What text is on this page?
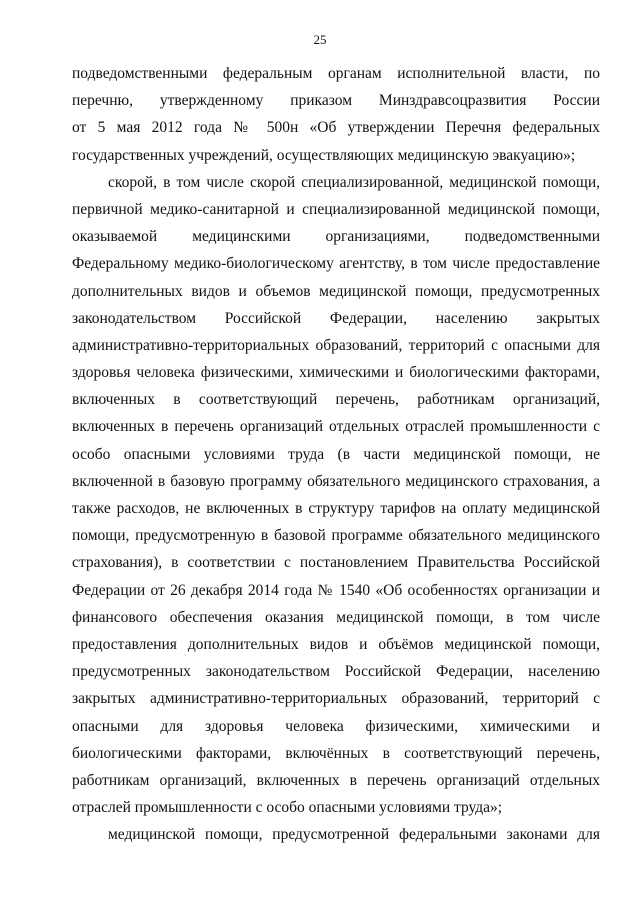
25
подведомственными федеральным органам исполнительной власти, по
перечню, утвержденному приказом Минздравсоцразвития России
от 5 мая 2012 года № 500н «Об утверждении Перечня федеральных
государственных учреждений, осуществляющих медицинскую эвакуацию»;
скорой, в том числе скорой специализированной, медицинской помощи,
первичной медико-санитарной и специализированной медицинской помощи,
оказываемой медицинскими организациями, подведомственными
Федеральному медико-биологическому агентству, в том числе предоставление
дополнительных видов и объемов медицинской помощи, предусмотренных
законодательством Российской Федерации, населению закрытых
административно-территориальных образований, территорий с опасными для
здоровья человека физическими, химическими и биологическими факторами,
включенных в соответствующий перечень, работникам организаций,
включенных в перечень организаций отдельных отраслей промышленности с
особо опасными условиями труда (в части медицинской помощи, не
включенной в базовую программу обязательного медицинского страхования, а
также расходов, не включенных в структуру тарифов на оплату медицинской
помощи, предусмотренную в базовой программе обязательного медицинского
страхования), в соответствии с постановлением Правительства Российской
Федерации от 26 декабря 2014 года № 1540 «Об особенностях организации и
финансового обеспечения оказания медицинской помощи, в том числе
предоставления дополнительных видов и объёмов медицинской помощи,
предусмотренных законодательством Российской Федерации, населению
закрытых административно-территориальных образований, территорий с
опасными для здоровья человека физическими, химическими и
биологическими факторами, включённых в соответствующий перечень,
работникам организаций, включенных в перечень организаций отдельных
отраслей промышленности с особо опасными условиями труда»;
медицинской помощи, предусмотренной федеральными законами для
